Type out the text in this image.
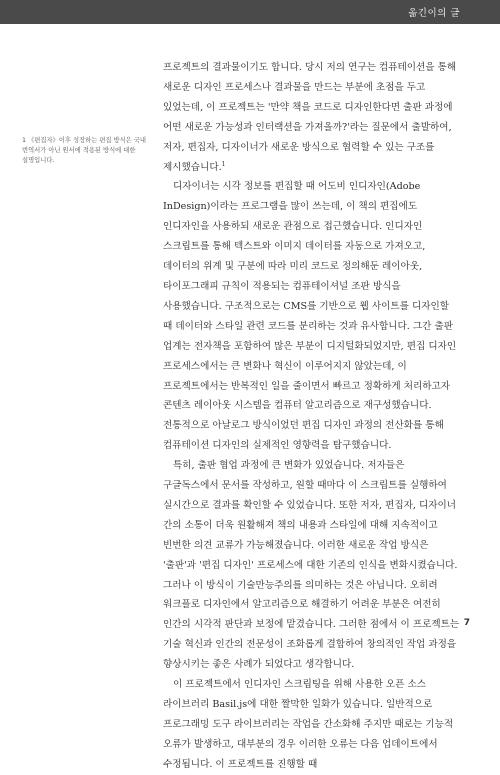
옮긴이의 글
1 《편집자》이후 성장하는 편집 방식은 국내 번역서가 아닌 원서에 적용된 방식에 대한 설명입니다.

프로젝트의 결과물이기도 합니다. 당시 저의 연구는 컴퓨테이션을 통해 새로운 디자인 프로세스나 결과물을 만드는 부분에 초점을 두고 있었는데, 이 프로젝트는 '만약 책을 코드로 디자인한다면 출판 과정에 어떤 새로운 가능성과 인터랙션을 가져올까?'라는 질문에서 출발하여, 저자, 편집자, 디자이너가 새로운 방식으로 협력할 수 있는 구조를 제시했습니다.$^1$

디자이너는 시각 정보를 편집할 때 어도비 인디자인(Adobe InDesign)이라는 프로그램을 많이 쓰는데, 이 책의 편집에도 인디자인을 사용하되 새로운 관점으로 접근했습니다. 인디자인 스크립트를 통해 텍스트와 이미지 데이터를 자동으로 가져오고, 데이터의 위계 및 구분에 따라 미리 코드로 정의해둔 레이아웃, 타이포그래피 규칙이 적용되는 컴퓨테이셔널 조판 방식을 사용했습니다. 구조적으로는 CMS를 기반으로 웹 사이트를 디자인할 때 데이터와 스타일 관련 코드를 분리하는 것과 유사합니다. 그간 출판 업계는 전자책을 포함하여 많은 부분이 디지털화되었지만, 편집 디자인 프로세스에서는 큰 변화나 혁신이 이루어지지 않았는데, 이 프로젝트에서는 반복적인 일을 줄이면서 빠르고 정확하게 처리하고자 콘텐츠 레이아웃 시스템을 컴퓨터 알고리즘으로 재구성했습니다. 전통적으로 아날로그 방식이었던 편집 디자인 과정의 전산화를 통해 컴퓨테이션 디자인의 실제적인 영향력을 탐구했습니다.

특히, 출판 협업 과정에 큰 변화가 있었습니다. 저자들은 구글독스에서 문서를 작성하고, 원할 때마다 이 스크립트를 실행하여 실시간으로 결과를 확인할 수 있었습니다. 또한 저자, 편집자, 디자이너 간의 소통이 더욱 원활해져 책의 내용과 스타일에 대해 지속적이고 빈번한 의견 교류가 가능해졌습니다. 이러한 새로운 작업 방식은 '출판'과 '편집 디자인' 프로세스에 대한 기존의 인식을 변화시켰습니다. 그러나 이 방식이 기술만능주의를 의미하는 것은 아닙니다. 오히려 워크플로 디자인에서 알고리즘으로 해결하기 어려운 부분은 여전히 인간의 시각적 판단과 보정에 맡겼습니다. 그러한 점에서 이 프로젝트는 기술 혁신과 인간의 전문성이 조화롭게 결합하여 창의적인 작업 과정을 향상시키는 좋은 사례가 되었다고 생각합니다.

이 프로젝트에서 인디자인 스크립팅을 위해 사용한 오픈 소스 라이브러리 Basil.js에 대한 짤막한 일화가 있습니다. 일반적으로 프로그래밍 도구 라이브러리는 작업을 간소화해 주지만 때로는 기능적 오류가 발생하고, 대부분의 경우 이러한 오류는 다음 업데이트에서 수정됩니다. 이 프로젝트를 진행할 때

7
